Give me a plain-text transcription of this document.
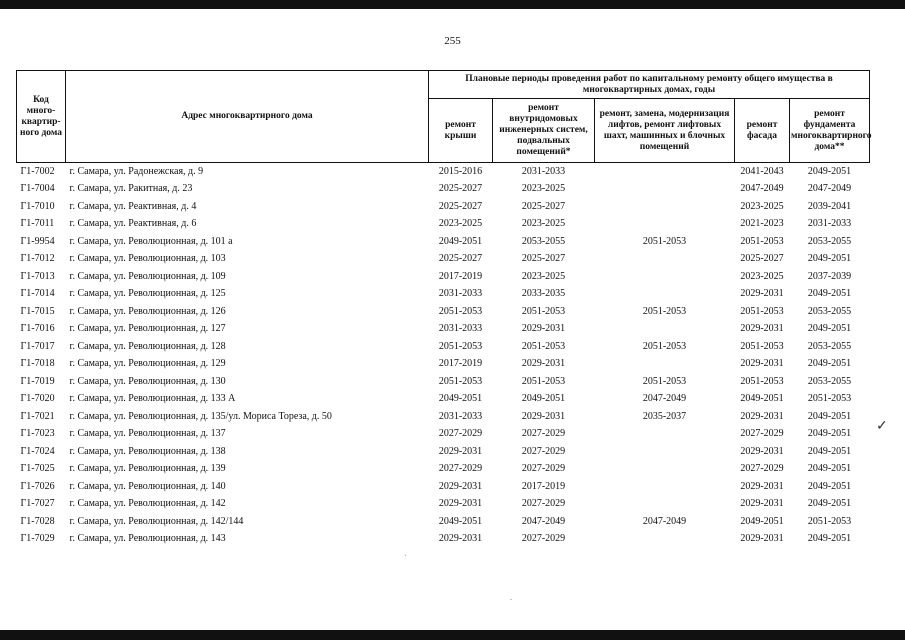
255
Код много-квартир-ного дома	Адрес многоквартирного дома	Плановые периоды проведения работ по капитальному ремонту общего имущества в многоквартирных домах, годы				
		ремонт крыши	ремонт внутридомовых инженерных систем, подвальных помещений*	ремонт, замена, модернизация лифтов, ремонт лифтовых шахт, машинных и блочных помещений	ремонт фасада	ремонт фундамента многоквартирного дома**
Г1-7002	г. Самара, ул. Радонежская, д. 9	2015-2016	2031-2033		2041-2043	2049-2051
Г1-7004	г. Самара, ул. Ракитная, д. 23	2025-2027	2023-2025		2047-2049	2047-2049
Г1-7010	г. Самара, ул. Реактивная, д. 4	2025-2027	2025-2027		2023-2025	2039-2041
Г1-7011	г. Самара, ул. Реактивная, д. 6	2023-2025	2023-2025		2021-2023	2031-2033
Г1-9954	г. Самара, ул. Революционная, д. 101 а	2049-2051	2053-2055	2051-2053	2051-2053	2053-2055
Г1-7012	г. Самара, ул. Революционная, д. 103	2025-2027	2025-2027		2025-2027	2049-2051
Г1-7013	г. Самара, ул. Революционная, д. 109	2017-2019	2023-2025		2023-2025	2037-2039
Г1-7014	г. Самара, ул. Революционная, д. 125	2031-2033	2033-2035		2029-2031	2049-2051
Г1-7015	г. Самара, ул. Революционная, д. 126	2051-2053	2051-2053	2051-2053	2051-2053	2053-2055
Г1-7016	г. Самара, ул. Революционная, д. 127	2031-2033	2029-2031		2029-2031	2049-2051
Г1-7017	г. Самара, ул. Революционная, д. 128	2051-2053	2051-2053	2051-2053	2051-2053	2053-2055
Г1-7018	г. Самара, ул. Революционная, д. 129	2017-2019	2029-2031		2029-2031	2049-2051
Г1-7019	г. Самара, ул. Революционная, д. 130	2051-2053	2051-2053	2051-2053	2051-2053	2053-2055
Г1-7020	г. Самара, ул. Революционная, д. 133 А	2049-2051	2049-2051	2047-2049	2049-2051	2051-2053
Г1-7021	г. Самара, ул. Революционная, д. 135/ул. Мориса Тореза, д. 50	2031-2033	2029-2031	2035-2037	2029-2031	2049-2051
Г1-7023	г. Самара, ул. Революционная, д. 137	2027-2029	2027-2029		2027-2029	2049-2051
Г1-7024	г. Самара, ул. Революционная, д. 138	2029-2031	2027-2029		2029-2031	2049-2051
Г1-7025	г. Самара, ул. Революционная, д. 139	2027-2029	2027-2029		2027-2029	2049-2051
Г1-7026	г. Самара, ул. Революционная, д. 140	2029-2031	2017-2019		2029-2031	2049-2051
Г1-7027	г. Самара, ул. Революционная, д. 142	2029-2031	2027-2029		2029-2031	2049-2051
Г1-7028	г. Самара, ул. Революционная, д. 142/144	2049-2051	2047-2049	2047-2049	2049-2051	2051-2053
Г1-7029	г. Самара, ул. Революционная, д. 143	2029-2031	2027-2029		2029-2031	2049-2051
✓
ˏ
.
